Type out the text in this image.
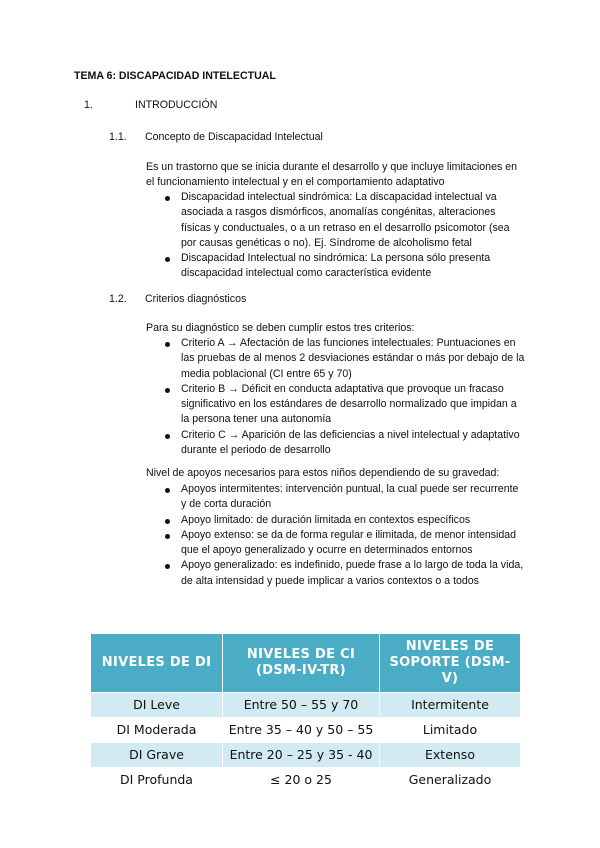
TEMA 6: DISCAPACIDAD INTELECTUAL
1.	INTRODUCCIÓN
1.1. Concepto de Discapacidad Intelectual
Es un trastorno que se inicia durante el desarrollo y que incluye limitaciones en el funcionamiento intelectual y en el comportamiento adaptativo
Discapacidad intelectual sindrómica: La discapacidad intelectual va asociada a rasgos dismórficos, anomalías congénitas, alteraciones físicas y conductuales, o a un retraso en el desarrollo psicomotor (sea por causas genéticas o no). Ej. Síndrome de alcoholismo fetal
Discapacidad Intelectual no sindrómica: La persona sólo presenta discapacidad intelectual como característica evidente
1.2. Criterios diagnósticos
Para su diagnóstico se deben cumplir estos tres criterios:
Criterio A → Afectación de las funciones intelectuales: Puntuaciones en las pruebas de al menos 2 desviaciones estándar o más por debajo de la media poblacional (CI entre 65 y 70)
Criterio B → Déficit en conducta adaptativa que provoque un fracaso significativo en los estándares de desarrollo normalizado que impidan a la persona tener una autonomía
Criterio C → Aparición de las deficiencias a nivel intelectual y adaptativo durante el periodo de desarrollo
Nivel de apoyos necesarios para estos niños dependiendo de su gravedad:
Apoyos intermitentes: intervención puntual, la cual puede ser recurrente y de corta duración
Apoyo limitado: de duración limitada en contextos específicos
Apoyo extenso: se da de forma regular e ilimitada, de menor intensidad que el apoyo generalizado y ocurre en determinados entornos
Apoyo generalizado: es indefinido, puede frase a lo largo de toda la vida, de alta intensidad y puede implicar a varios contextos o a todos
NIVELES DE DI	NIVELES DE CI (DSM-IV-TR)	NIVELES DE SOPORTE (DSM-V)
DI Leve	Entre 50 – 55 y 70	Intermitente
DI Moderada	Entre 35 – 40 y 50 – 55	Limitado
DI Grave	Entre 20 – 25 y 35 - 40	Extenso
DI Profunda	≤ 20 o 25	Generalizado
